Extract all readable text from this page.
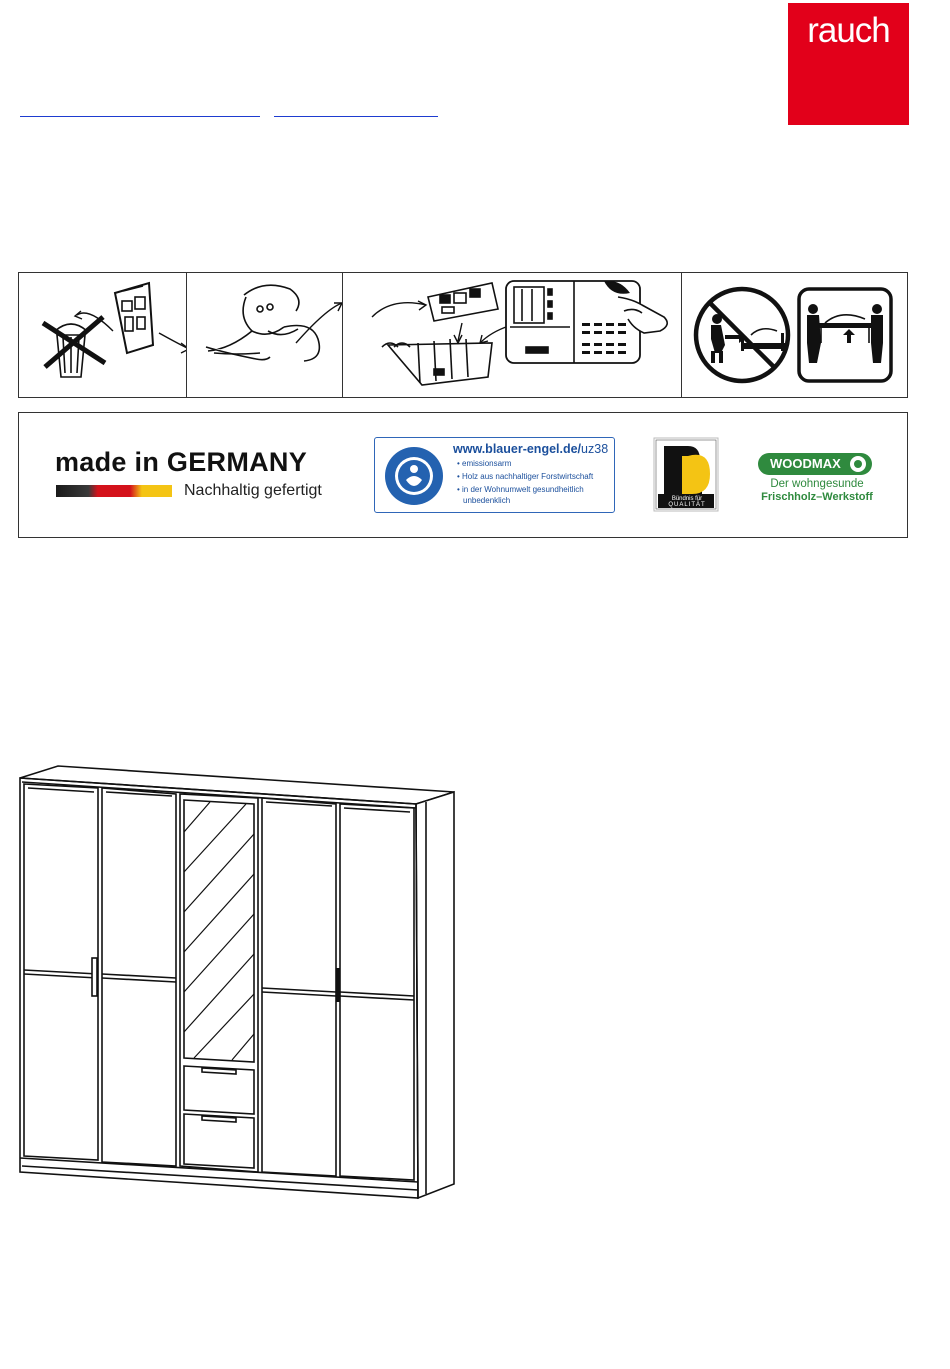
rauch
made in GERMANY
Nachhaltig gefertigt
www.blauer-engel.de/uz38
• emissionsarm
• Holz aus nachhaltiger Forstwirtschaft
• in der Wohnumwelt gesundheitlich
unbedenklich	Bündnis für
QUALITÄT
WOODMAX
Der wohngesunde
Frischholz–Werkstoff
